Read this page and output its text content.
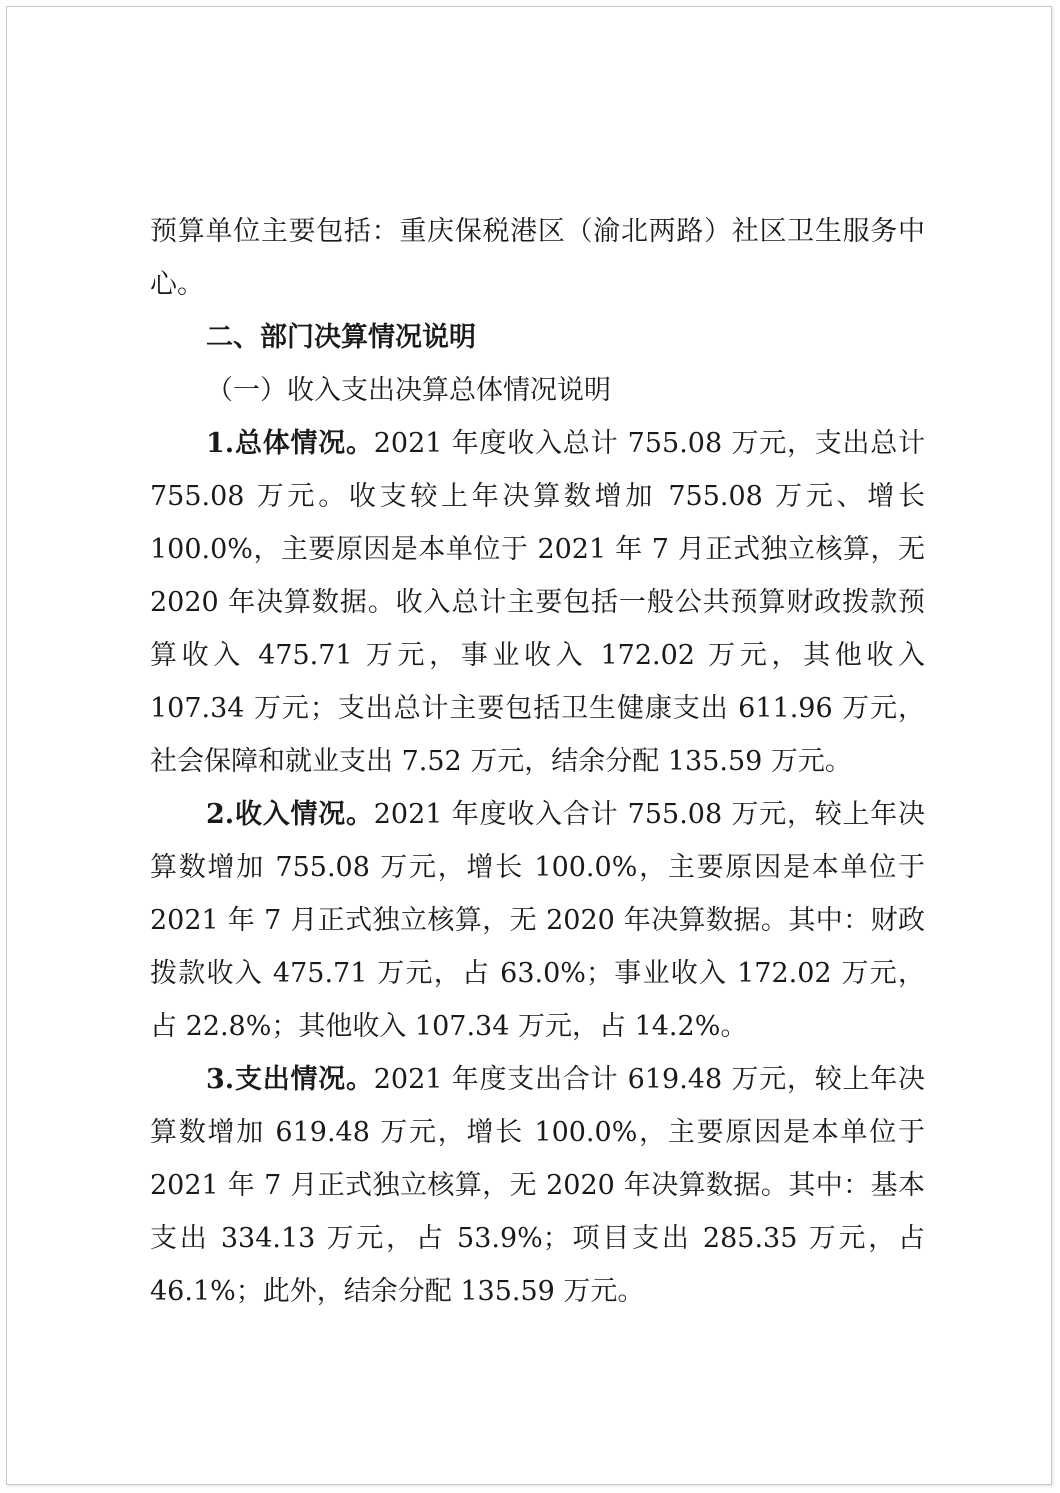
预算单位主要包括：重庆保税港区（渝北两路）社区卫生服务中心。

二、部门决算情况说明

（一）收入支出决算总体情况说明

1.总体情况。2021 年度收入总计 755.08 万元，支出总计 755.08 万元。收支较上年决算数增加 755.08 万元、增长 100.0%，主要原因是本单位于 2021 年 7 月正式独立核算，无 2020 年决算数据。收入总计主要包括一般公共预算财政拨款预算收入 475.71 万元，事业收入 172.02 万元，其他收入 107.34 万元；支出总计主要包括卫生健康支出 611.96 万元，社会保障和就业支出 7.52 万元，结余分配 135.59 万元。

2.收入情况。2021 年度收入合计 755.08 万元，较上年决算数增加 755.08 万元，增长 100.0%，主要原因是本单位于 2021 年 7 月正式独立核算，无 2020 年决算数据。其中：财政拨款收入 475.71 万元，占 63.0%；事业收入 172.02 万元，占 22.8%；其他收入 107.34 万元，占 14.2%。

3.支出情况。2021 年度支出合计 619.48 万元，较上年决算数增加 619.48 万元，增长 100.0%，主要原因是本单位于 2021 年 7 月正式独立核算，无 2020 年决算数据。其中：基本支出 334.13 万元，占 53.9%；项目支出 285.35 万元，占 46.1%；此外，结余分配 135.59 万元。
